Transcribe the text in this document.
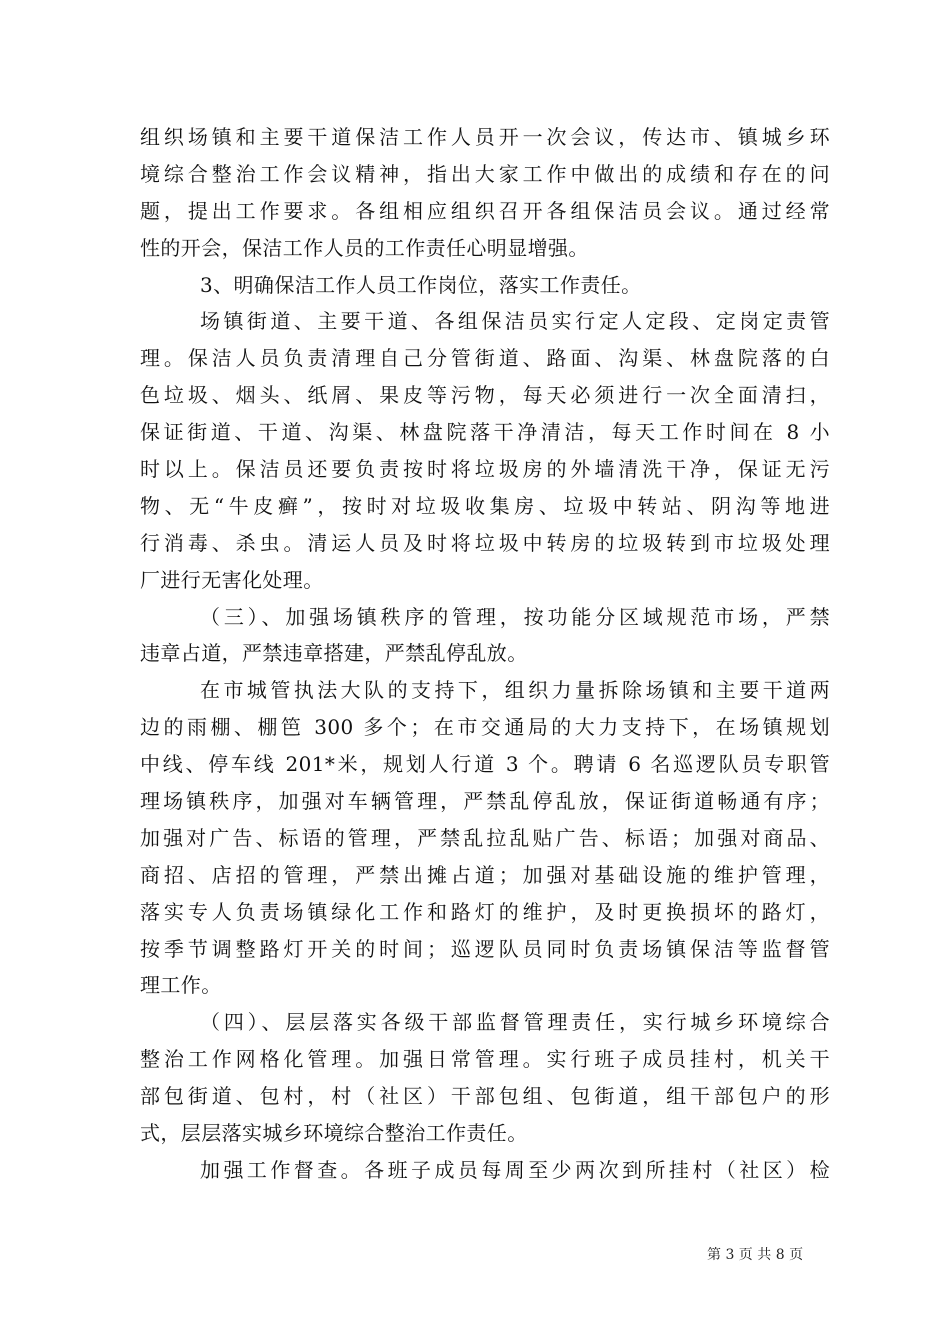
组织场镇和主要干道保洁工作人员开一次会议，传达市、镇城乡环
境综合整治工作会议精神，指出大家工作中做出的成绩和存在的问
题，提出工作要求。各组相应组织召开各组保洁员会议。通过经常
性的开会，保洁工作人员的工作责任心明显增强。
3、明确保洁工作人员工作岗位，落实工作责任。
场镇街道、主要干道、各组保洁员实行定人定段、定岗定责管
理。保洁人员负责清理自己分管街道、路面、沟渠、林盘院落的白
色垃圾、烟头、纸屑、果皮等污物，每天必须进行一次全面清扫，
保证街道、干道、沟渠、林盘院落干净清洁，每天工作时间在 8 小
时以上。保洁员还要负责按时将垃圾房的外墙清洗干净，保证无污
物、无“牛皮癣”，按时对垃圾收集房、垃圾中转站、阴沟等地进
行消毒、杀虫。清运人员及时将垃圾中转房的垃圾转到市垃圾处理
厂进行无害化处理。
（三）、加强场镇秩序的管理，按功能分区域规范市场，严禁
违章占道，严禁违章搭建，严禁乱停乱放。
在市城管执法大队的支持下，组织力量拆除场镇和主要干道两
边的雨棚、棚笆 300 多个；在市交通局的大力支持下，在场镇规划
中线、停车线 201*米，规划人行道 3 个。聘请 6 名巡逻队员专职管
理场镇秩序，加强对车辆管理，严禁乱停乱放，保证街道畅通有序；
加强对广告、标语的管理，严禁乱拉乱贴广告、标语；加强对商品、
商招、店招的管理，严禁出摊占道；加强对基础设施的维护管理，
落实专人负责场镇绿化工作和路灯的维护，及时更换损坏的路灯，
按季节调整路灯开关的时间；巡逻队员同时负责场镇保洁等监督管
理工作。
（四）、层层落实各级干部监督管理责任，实行城乡环境综合
整治工作网格化管理。加强日常管理。实行班子成员挂村，机关干
部包街道、包村，村（社区）干部包组、包街道，组干部包户的形
式，层层落实城乡环境综合整治工作责任。
加强工作督查。各班子成员每周至少两次到所挂村（社区）检
第 3 页 共 8 页
